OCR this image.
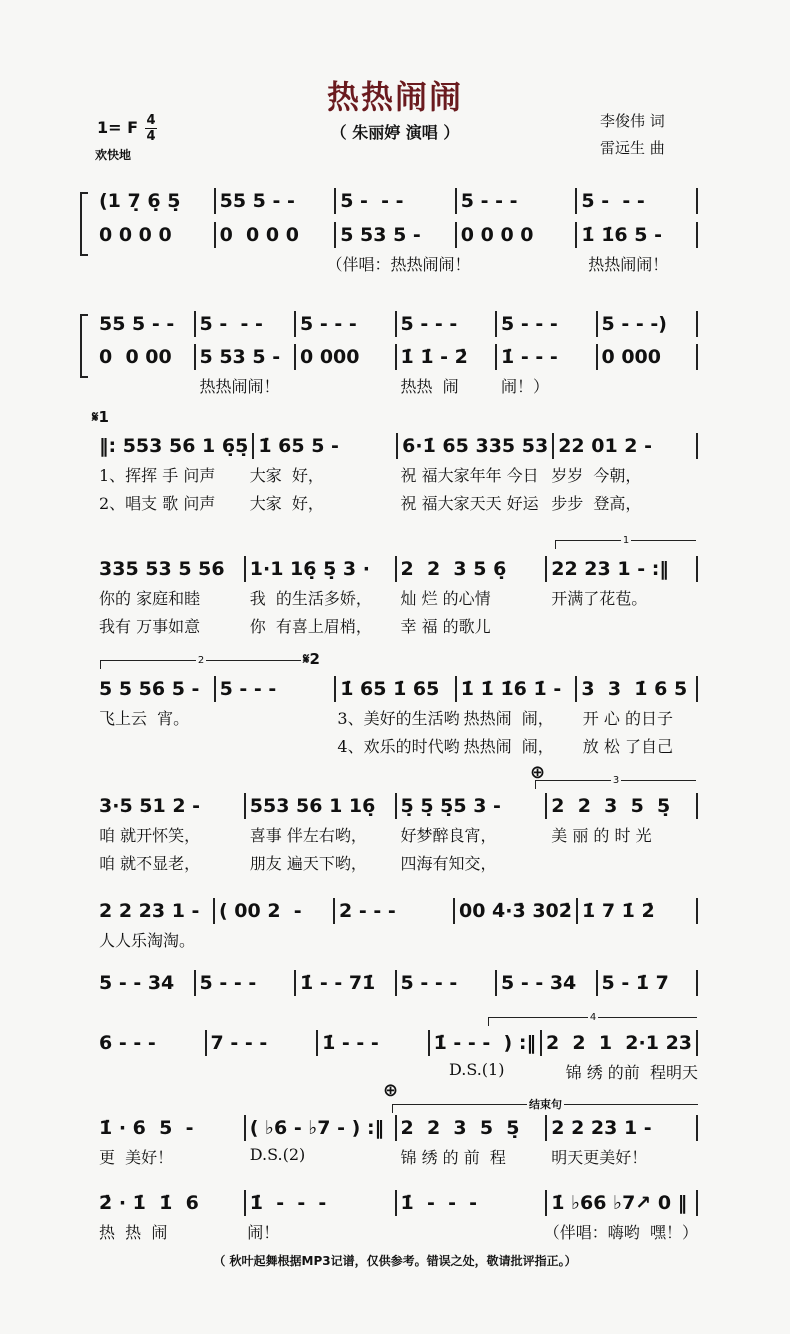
热热闹闹
（ 朱丽婷 演唱 ）
1= F 4
4
欢快地
李俊伟 词
雷远生 曲
𝄋1
1
2	𝄋2
⊕	3
4
⊕
结束句
(1 7̣ 6̣ 5̣	55 5 - -	5 -  - -	5 - - -	5 -  - -
0 0 0 0	0  0 0 0	5 53 5 -	0 0 0 0	1̇ 1̇6 5 -
（伴唱：热热闹闹！	热热闹闹！
55 5 - -	5 -  - -	5 - - -	5 - - -	5 - - -	5 - - -)
0  0 00	5 53 5 -	0 000	1̇ 1̇ - 2̇	1̇ - - -	0 000
热热闹闹！	热热  闹	闹！）
‖: 553 56 1 6̣5̣ 1̇ 65 5 -	6·1̇ 65 335 53 22 01 2 -
1、挥挥 手 问声	大家  好，	祝 福大家年年 今日 岁岁  今朝，
2、唱支 歌 问声	大家  好，	祝 福大家天天 好运 步步  登高，
335 53 5 56	1·1 16̣ 5̣ 3 ·	2  2  3 5 6̣	22 23 1 - :‖
你的 家庭和睦	我  的生活多娇，	灿 烂 的心情	开满了花苞。
我有 万事如意	你  有喜上眉梢，	幸 福 的歌儿
5 5 56 5 -	5 - - -	1̇ 65 1̇ 65	1̇ 1̇ 1̇6 1̇ -	3  3  1̇ 6 5
飞上云  宵。	3、美好的生活哟 热热闹  闹，	开 心 的日子
4、欢乐的时代哟 热热闹  闹，	放 松 了自己
3·5 51 2 -	553 56 1 16̣	5̣ 5̣ 5̣5 3 -	2  2  3  5  5̣
咱 就开怀笑，	喜事 伴左右哟，	好梦醉良宵，	美 丽 的 时 光
咱 就不显老，	朋友 遍天下哟，	四海有知交，
2 2 23 1 -	( 00 2  -	2 - - -	00 4̇·3̇ 302̇ 1̇ 7 1̇ 2̇
人人乐淘淘。
5 - - 34	5 - - -	1̇ - - 71̇	5 - - -	5 - - 34	5 - 1̇ 7
6 - - -	7 - - -	1̇ - - -	1̇ - - -  ) :‖ 2  2  1  2·1 23
D.S.(1)	锦 绣 的前  程明天
1̇ · 6  5  -	( ♭6 - ♭7 - ) :‖ 2  2  3  5  5̣	2 2 23 1 -
更  美好！	D.S.(2)	锦 绣 的 前  程	明天更美好！
2̇ · 1̇  1̇  6	1̇  -  -  -	1̇  -  -  -	1̇ ♭66 ♭7↗ 0 ‖
热  热  闹	闹！	（伴唱：嗨哟  嘿！）
（ 秋叶起舞根据MP3记谱，仅供参考。错误之处，敬请批评指正。）
